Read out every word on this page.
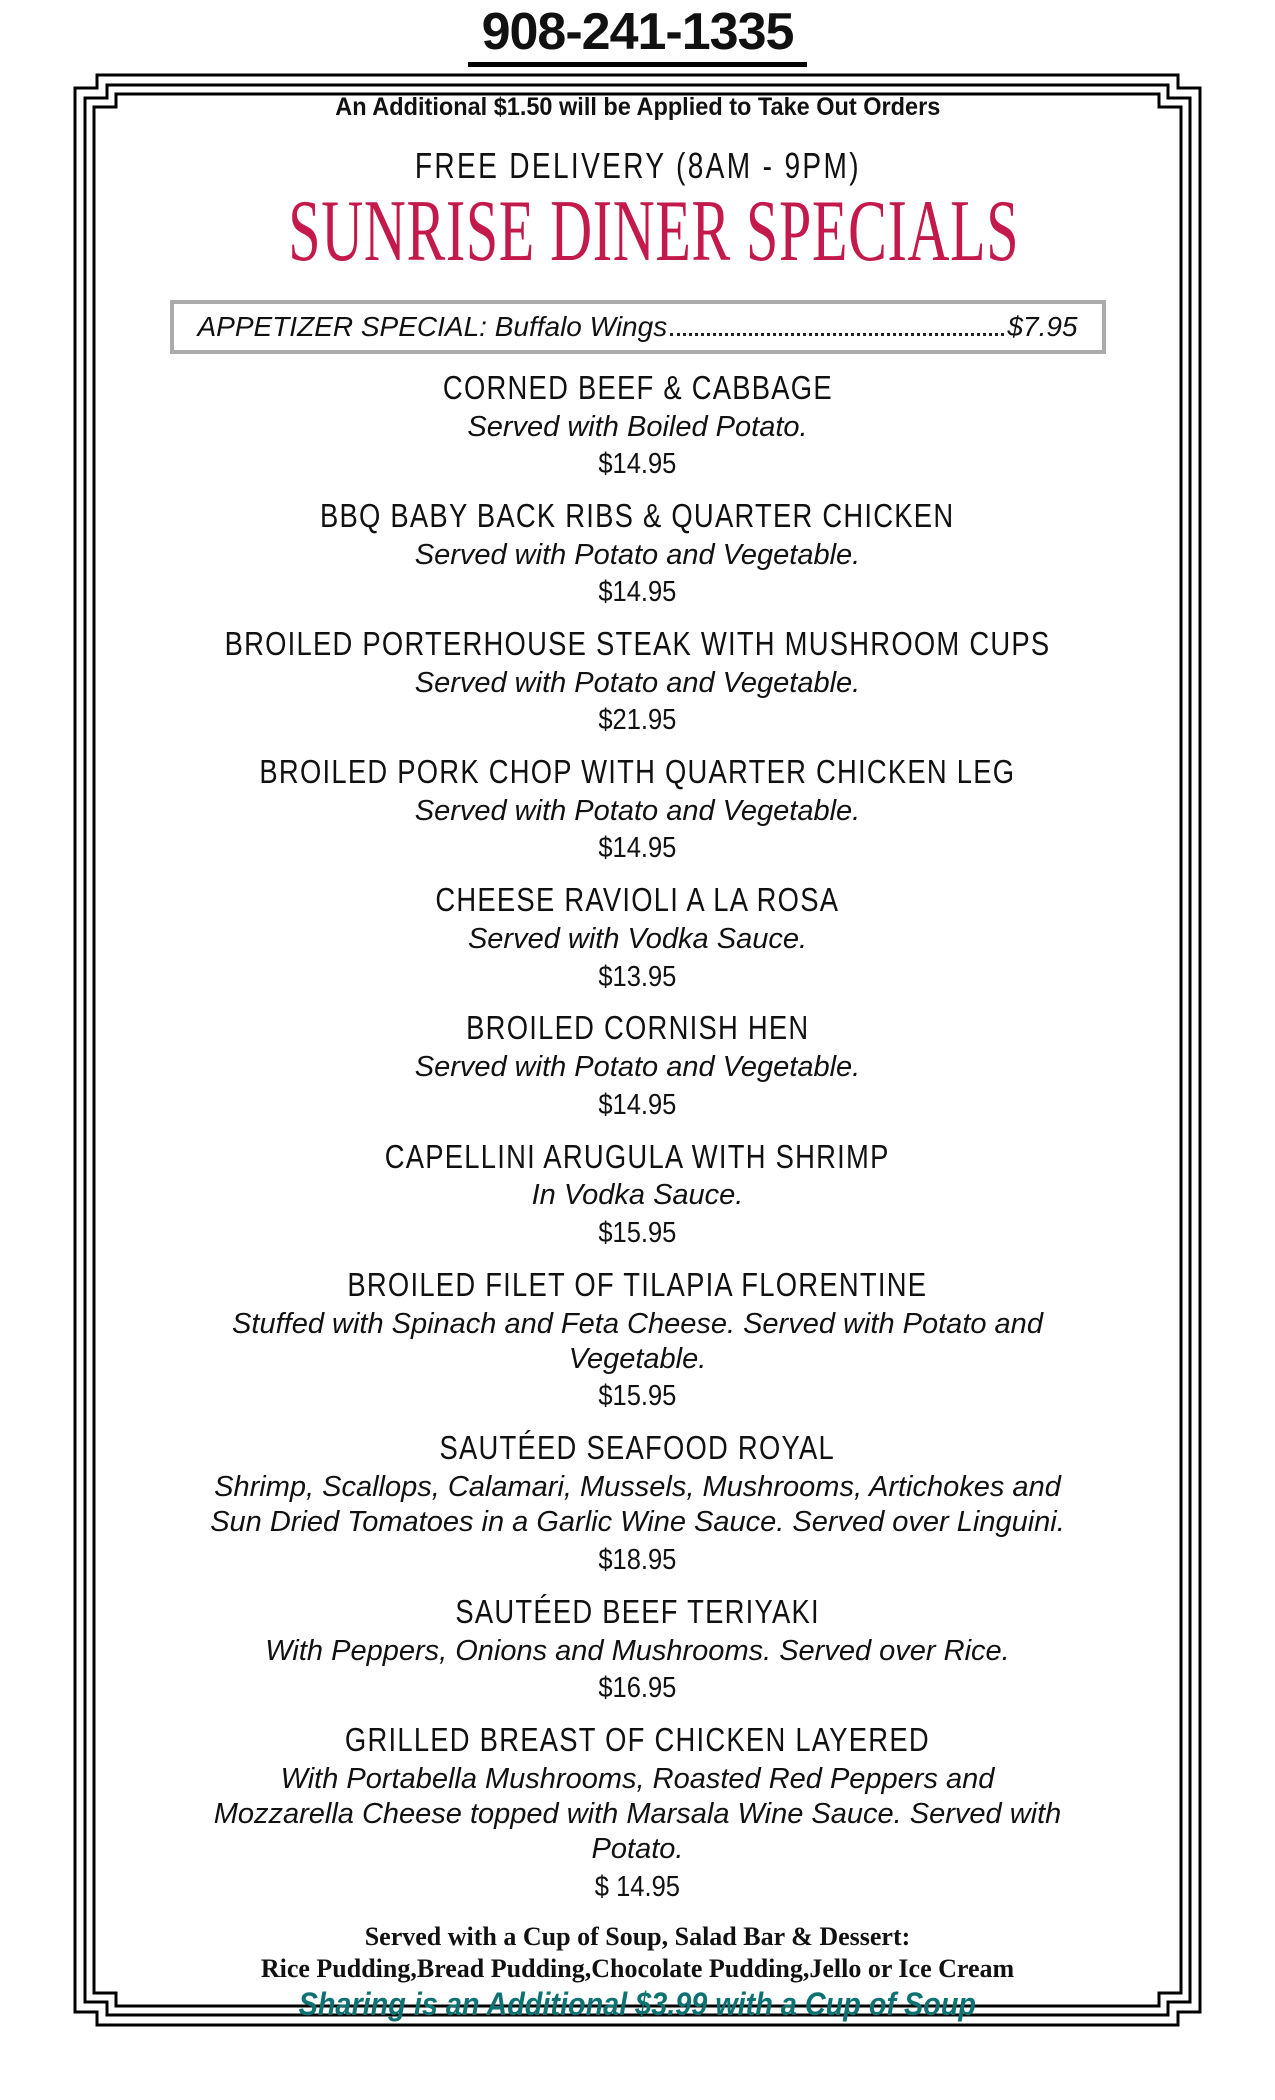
908-241-1335
An Additional $1.50 will be Applied to Take Out Orders
FREE DELIVERY (8AM - 9PM)
SUNRISE DINER SPECIALS
APPETIZER SPECIAL: Buffalo Wings	$7.95
CORNED BEEF & CABBAGE
Served with Boiled Potato.
$14.95
BBQ BABY BACK RIBS & QUARTER CHICKEN
Served with Potato and Vegetable.
$14.95
BROILED PORTERHOUSE STEAK WITH MUSHROOM CUPS
Served with Potato and Vegetable.
$21.95
BROILED PORK CHOP WITH QUARTER CHICKEN LEG
Served with Potato and Vegetable.
$14.95
CHEESE RAVIOLI A LA ROSA
Served with Vodka Sauce.
$13.95
BROILED CORNISH HEN
Served with Potato and Vegetable.
$14.95
CAPELLINI ARUGULA WITH SHRIMP
In Vodka Sauce.
$15.95
BROILED FILET OF TILAPIA FLORENTINE
Stuffed with Spinach and Feta Cheese. Served with Potato and Vegetable.
$15.95
SAUTÉED SEAFOOD ROYAL
Shrimp, Scallops, Calamari, Mussels, Mushrooms, Artichokes and Sun Dried Tomatoes in a Garlic Wine Sauce. Served over Linguini.
$18.95
SAUTÉED BEEF TERIYAKI
With Peppers, Onions and Mushrooms. Served over Rice.
$16.95
GRILLED BREAST OF CHICKEN LAYERED
With Portabella Mushrooms, Roasted Red Peppers and Mozzarella Cheese topped with Marsala Wine Sauce. Served with Potato.
$ 14.95
Served with a Cup of Soup, Salad Bar & Dessert:
Rice Pudding,Bread Pudding,Chocolate Pudding,Jello or Ice Cream
Sharing is an Additional $3.99 with a Cup of Soup
